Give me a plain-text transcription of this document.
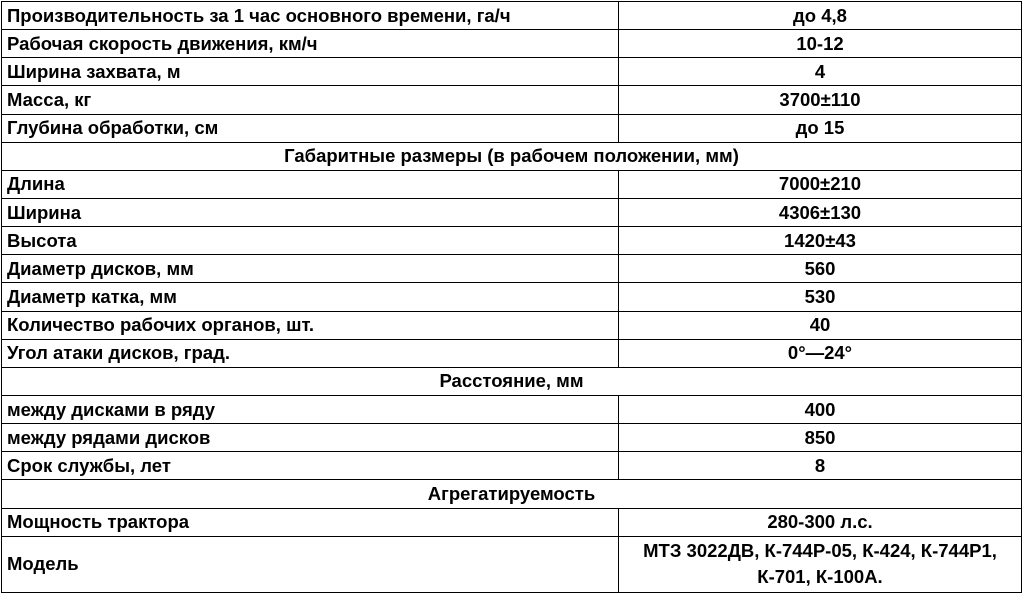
Производительность за 1 час основного времени, га/ч	до 4,8
Рабочая скорость движения, км/ч	10-12
Ширина захвата, м	4
Масса, кг	3700±110
Глубина обработки, см	до 15
Габаритные размеры (в рабочем положении, мм)	
Длина	7000±210
Ширина	4306±130
Высота	1420±43
Диаметр дисков, мм	560
Диаметр катка, мм	530
Количество рабочих органов, шт.	40
Угол атаки дисков, град.	0°—24°
Расстояние, мм	
между дисками в ряду	400
между рядами дисков	850
Срок службы, лет	8
Агрегатируемость	
Мощность трактора	280-300 л.с.
Модель	МТЗ 3022ДВ, К-744Р-05, К-424, К-744Р1, К-701, К-100А.
